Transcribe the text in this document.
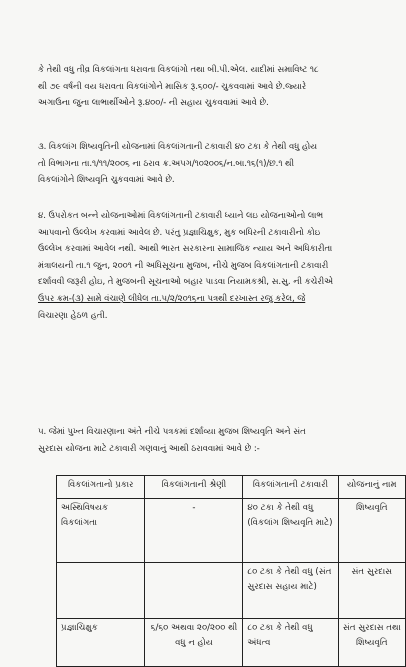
કે તેથી વધુ તીવ્ર વિકલાંગતા ધરાવતા વિકલાંગો તથા બી.પી.એલ. યાદીમાં સમાવિષ્ટ ૧૮
થી ૭૯ વર્ષની વય ધરાવતા વિકલાંગોને માસિક રૂ.૬૦૦/- ચુકવવામાં આવે છે.જ્યારે
અગાઉના જુના લાભાર્થીઓને રૂ.૪૦૦/- ની સહાય ચુકવવામાં આવે છે.
૩. વિકલાંગ શિષ્યવૃતિની યોજનામાં વિકલાંગતાની ટકાવારી ૪૦ ટકા કે તેથી વધુ હોય
તો વિભાગના તા.૧/૧૧/૨૦૦૬ ના ઠરાવ ક્ર.અપગ/૧૦૨૦૦૬/ન.બા.૧૬(૧)/છ.૧ થી
વિકલાંગોને શિષ્યવૃતિ ચુકવવામાં આવે છે.
૪. ઉપરોકત બન્ને યોજનાઓમાં વિકલાંગતાની ટકાવારી ધ્યાને લઇ યોજનાઓનો લાભ
આપવાનો ઉલ્લેખ કરવામાં આવેલ છે. પરંતુ પ્રજ્ઞાચિક્ષુક, મુક બધિરની ટકાવારીનો કોઇ
ઉલ્લેખ કરવામાં આવેલ નથી. આથી ભારત સરકારના સામાજિક ન્યાય અને અધિકારીતા
મંત્રાલયની તા.૧ જુન, ૨૦૦૧ ની અધિસૂચના મુજબ, નીચે મુજબ વિકલાંગતાની ટકાવારી
દર્શાવવી જરૂરી હોઇ, તે મુજબની સૂચનાઓ બહાર પાડવા નિયામકશ્રી, સ.સુ. ની કચેરીએ
ઉપર ક્રમ-(૩) સામે વંચાણે લીધેલ તા.૫/૨/૨૦૧૬ના પત્રથી દરખાસ્ત રજુ કરેલ, જે
વિચારણા હેઠળ હતી.
૫. જેમાં પુખ્ત વિચારણાના અંતે નીચે પત્રકમાં દર્શાવ્યા મુજબ શિષ્યવૃતિ અને સંત
સુરદાસ યોજના માટે ટકાવારી ગણવાનું આથી ઠરાવવામાં આવે છે :-
વિકલાંગતાનો પ્રકાર	વિકલાંગતાની શ્રેણી	વિકલાંગતાની ટકાવારી	યોજનાનું નામ
અસ્થિવિષયક વિકલાંગતા	-	૪૦ ટકા કે તેથી વધુ (વિકલાંગ શિષ્યવૃતિ માટે)	શિષ્યવૃતિ
		૮૦ ટકા કે તેથી વધુ (સંત સુરદાસ સહાય માટે)	સંત સુરદાસ
પ્રજ્ઞાચિક્ષુક	૬/૬૦ અથવા ૨૦/૨૦૦ થી વધુ ન હોય	૮૦ ટકા કે તેથી વધુ અંધત્વ	સંત સુરદાસ તથા શિષ્યવૃતિ
